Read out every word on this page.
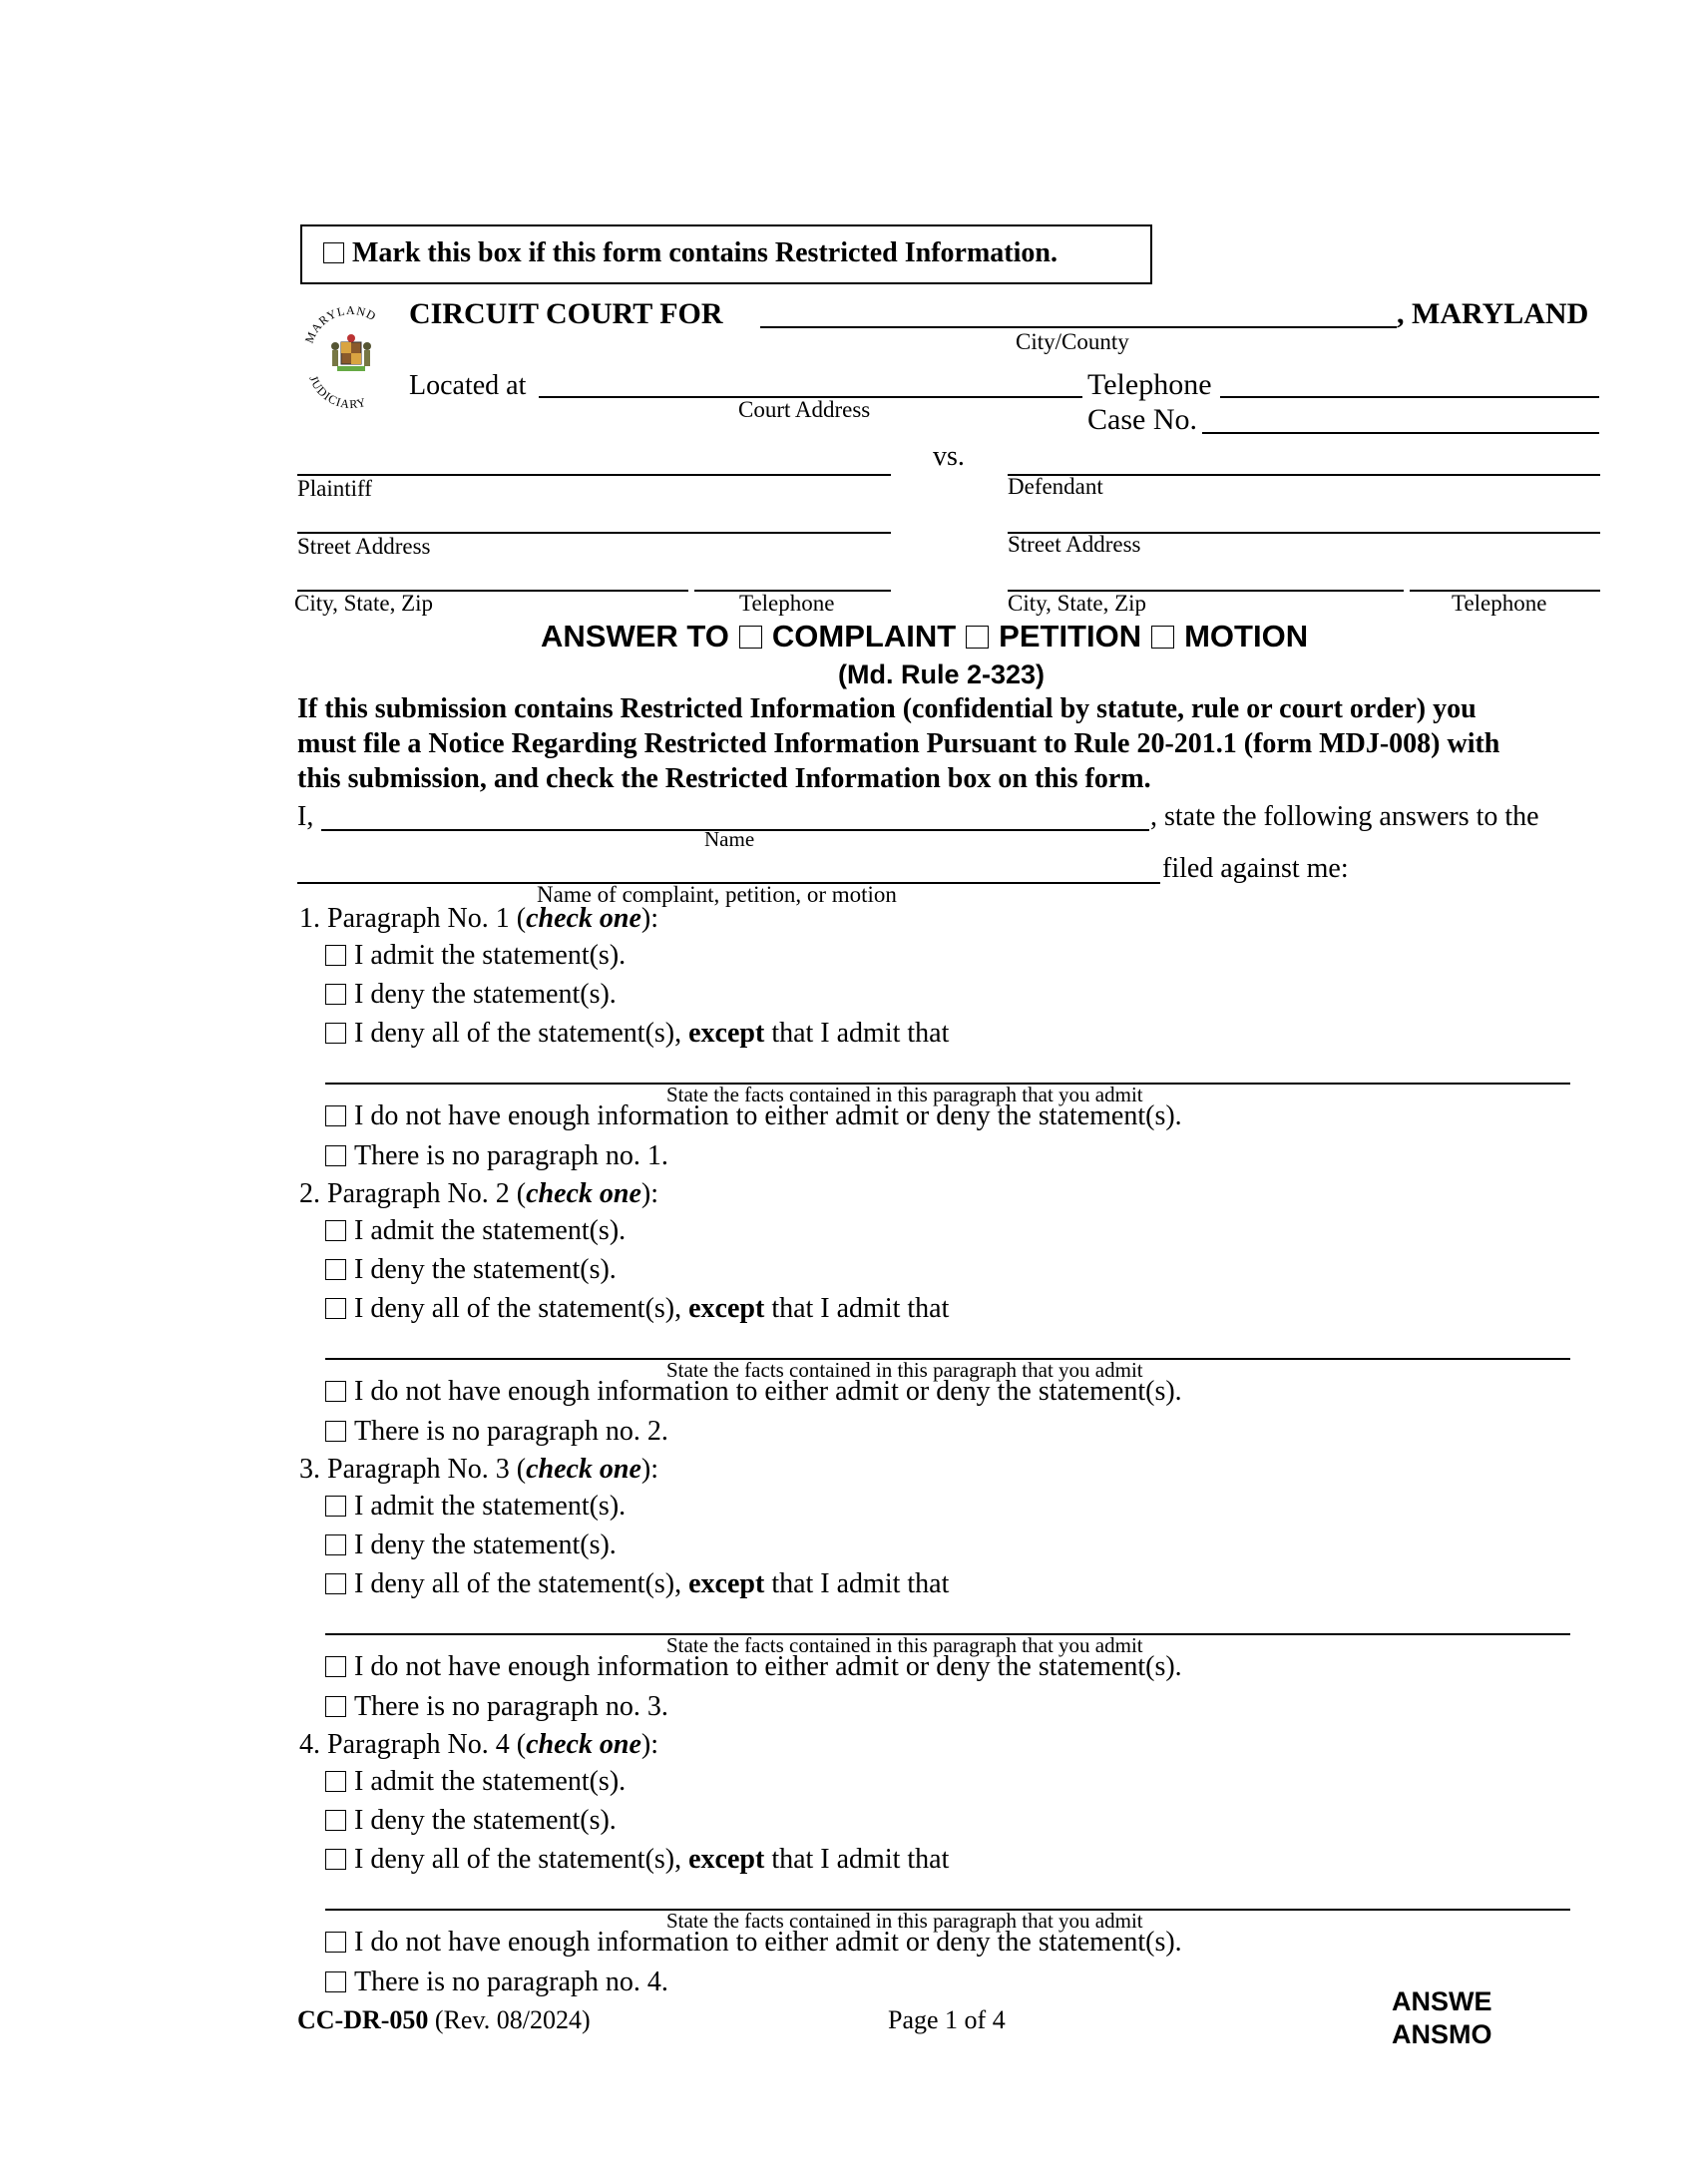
Mark this box if this form contains Restricted Information.
MARYLAND
JUDICIARY
CIRCUIT COURT FOR	, MARYLAND
City/County
Located at
Court Address
Telephone
Case No.
vs.
Plaintiff	Defendant
Street Address	Street Address
City, State, Zip	Telephone	City, State, Zip	Telephone
ANSWER TO COMPLAINT PETITION MOTION
(Md. Rule 2-323)
If this submission contains Restricted Information (confidential by statute, rule or court order) you
must file a Notice Regarding Restricted Information Pursuant to Rule 20-201.1 (form MDJ-008) with
this submission, and check the Restricted Information box on this form.
I,	, state the following answers to the
Name
filed against me:
Name of complaint, petition, or motion
1. Paragraph No. 1 (check one):
I admit the statement(s).
I deny the statement(s).
I deny all of the statement(s), except that I admit that
State the facts contained in this paragraph that you admit
I do not have enough information to either admit or deny the statement(s).
There is no paragraph no. 1.
2. Paragraph No. 2 (check one):
I admit the statement(s).
I deny the statement(s).
I deny all of the statement(s), except that I admit that
State the facts contained in this paragraph that you admit
I do not have enough information to either admit or deny the statement(s).
There is no paragraph no. 2.
3. Paragraph No. 3 (check one):
I admit the statement(s).
I deny the statement(s).
I deny all of the statement(s), except that I admit that
State the facts contained in this paragraph that you admit
I do not have enough information to either admit or deny the statement(s).
There is no paragraph no. 3.
4. Paragraph No. 4 (check one):
I admit the statement(s).
I deny the statement(s).
I deny all of the statement(s), except that I admit that
State the facts contained in this paragraph that you admit
I do not have enough information to either admit or deny the statement(s).
There is no paragraph no. 4.
CC-DR-050 (Rev. 08/2024)	Page 1 of 4
ANSWE
ANSMO
